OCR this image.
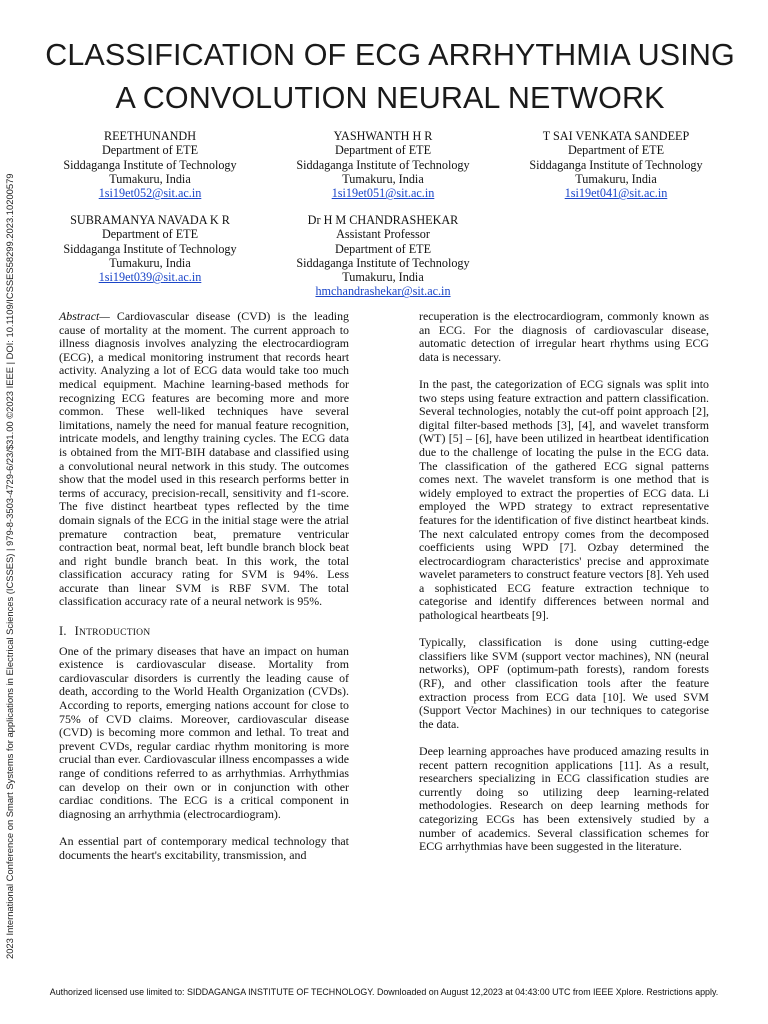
2023 International Conference on Smart Systems for applications in Electrical Sciences (ICSSES) | 979-8-3503-4729-6/23/$31.00 ©2023 IEEE | DOI: 10.1109/ICSSES58299.2023.10200579
CLASSIFICATION OF ECG ARRHYTHMIA USING
A CONVOLUTION NEURAL NETWORK
REETHUNANDH
Department of ETE
Siddaganga Institute of Technology
Tumakuru, India
1si19et052@sit.ac.in
YASHWANTH H R
Department of ETE
Siddaganga Institute of Technology
Tumakuru, India
1si19et051@sit.ac.in
T SAI VENKATA SANDEEP
Department of ETE
Siddaganga Institute of Technology
Tumakuru, India
1si19et041@sit.ac.in
SUBRAMANYA NAVADA K R
Department of ETE
Siddaganga Institute of Technology
Tumakuru, India
1si19et039@sit.ac.in
Dr H M CHANDRASHEKAR
Assistant Professor
Department of ETE
Siddaganga Institute of Technology
Tumakuru, India
hmchandrashekar@sit.ac.in

Abstract— Cardiovascular disease (CVD) is the leading cause of mortality at the moment. The current approach to illness diagnosis involves analyzing the electrocardiogram (ECG), a medical monitoring instrument that records heart activity. Analyzing a lot of ECG data would take too much medical equipment. Machine learning-based methods for recognizing ECG features are becoming more and more common. These well-liked techniques have several limitations, namely the need for manual feature recognition, intricate models, and lengthy training cycles. The ECG data is obtained from the MIT-BIH database and classified using a convolutional neural network in this study. The outcomes show that the model used in this research performs better in terms of accuracy, precision-recall, sensitivity and f1-score. The five distinct heartbeat types reflected by the time domain signals of the ECG in the initial stage were the atrial premature contraction beat, premature ventricular contraction beat, normal beat, left bundle branch block beat and right bundle branch beat. In this work, the total classification accuracy rating for SVM is 94%. Less accurate than linear SVM is RBF SVM. The total classification accuracy rate of a neural network is 95%.

I. INTRODUCTION

One of the primary diseases that have an impact on human existence is cardiovascular disease. Mortality from cardiovascular disorders is currently the leading cause of death, according to the World Health Organization (CVDs). According to reports, emerging nations account for close to 75% of CVD claims. Moreover, cardiovascular disease (CVD) is becoming more common and lethal. To treat and prevent CVDs, regular cardiac rhythm monitoring is more crucial than ever. Cardiovascular illness encompasses a wide range of conditions referred to as arrhythmias. Arrhythmias can develop on their own or in conjunction with other cardiac conditions. The ECG is a critical component in diagnosing an arrhythmia (electrocardiogram).

An essential part of contemporary medical technology that documents the heart's excitability, transmission, and

recuperation is the electrocardiogram, commonly known as an ECG. For the diagnosis of cardiovascular disease, automatic detection of irregular heart rhythms using ECG data is necessary.

In the past, the categorization of ECG signals was split into two steps using feature extraction and pattern classification. Several technologies, notably the cut-off point approach [2], digital filter-based methods [3], [4], and wavelet transform (WT) [5] – [6], have been utilized in heartbeat identification due to the challenge of locating the pulse in the ECG data. The classification of the gathered ECG signal patterns comes next. The wavelet transform is one method that is widely employed to extract the properties of ECG data. Li employed the WPD strategy to extract representative features for the identification of five distinct heartbeat kinds. The next calculated entropy comes from the decomposed coefficients using WPD [7]. Ozbay determined the electrocardiogram characteristics' precise and approximate wavelet parameters to construct feature vectors [8]. Yeh used a sophisticated ECG feature extraction technique to categorise and identify differences between normal and pathological heartbeats [9].

Typically, classification is done using cutting-edge classifiers like SVM (support vector machines), NN (neural networks), OPF (optimum-path forests), random forests (RF), and other classification tools after the feature extraction process from ECG data [10]. We used SVM (Support Vector Machines) in our techniques to categorise the data.

Deep learning approaches have produced amazing results in recent pattern recognition applications [11]. As a result, researchers specializing in ECG classification studies are currently doing so utilizing deep learning-related methodologies. Research on deep learning methods for categorizing ECGs has been extensively studied by a number of academics. Several classification schemes for ECG arrhythmias have been suggested in the literature.

Authorized licensed use limited to: SIDDAGANGA INSTITUTE OF TECHNOLOGY. Downloaded on August 12,2023 at 04:43:00 UTC from IEEE Xplore. Restrictions apply.
